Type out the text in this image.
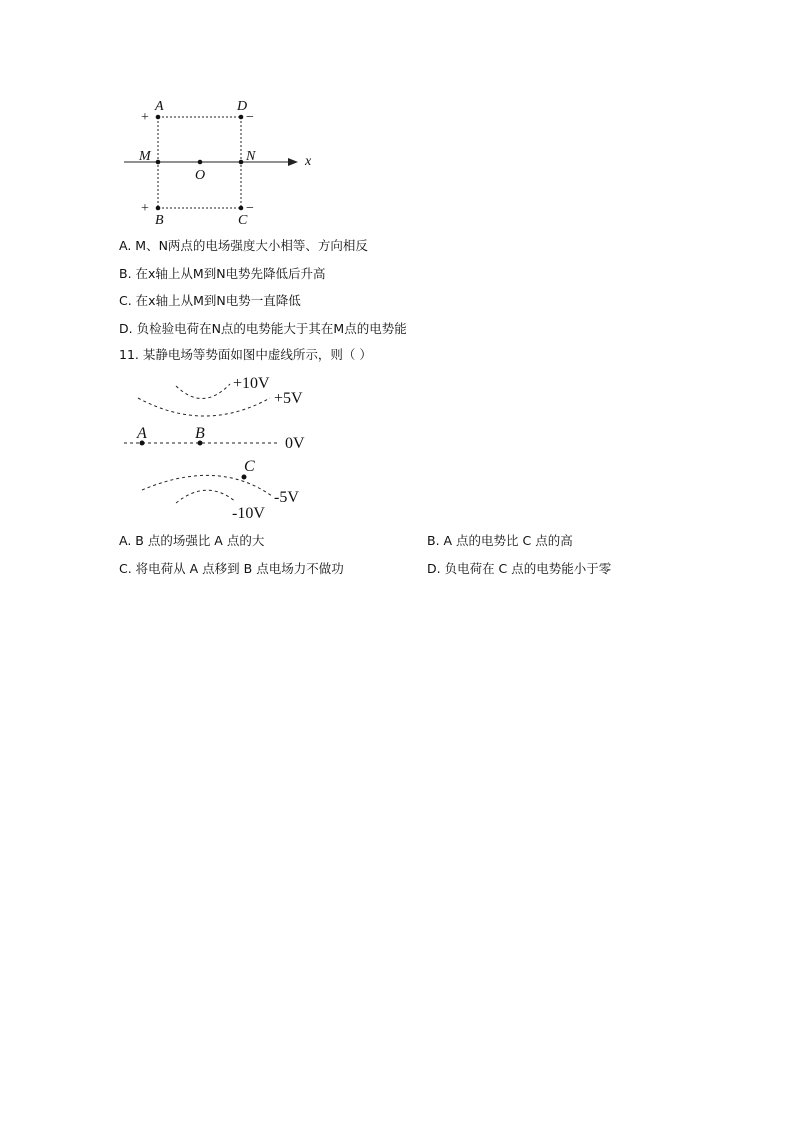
A	D
M	N
O
B	C
x
+	−
+	−
A	B
C
+10V
+5V
0V
-5V
-10V
A. M、N两点的电场强度大小相等、方向相反
B. 在x轴上从M到N电势先降低后升高
C. 在x轴上从M到N电势一直降低
D. 负检验电荷在N点的电势能大于其在M点的电势能
11. 某静电场等势面如图中虚线所示，则（ ）
A. B 点的场强比 A 点的大	B. A 点的电势比 C 点的高
C. 将电荷从 A 点移到 B 点电场力不做功	D. 负电荷在 C 点的电势能小于零
